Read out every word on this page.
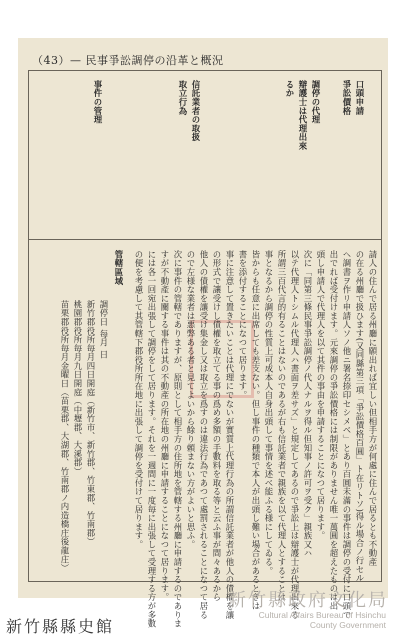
（43）— 民事爭訟調停の沿革と概況
口頭申請
爭訟價格
調停の代理
辯護士は代理出來
るか
信託業者の取扱
取立行為
事件の管理
請人の住んで居る州廳に願出れば宜しい但相手方が何處に住んで居るとも不動產
の在る州廳で扱ひます(又同縣第三項「爭訟價格百圓」ト在リトソ)得ル場合ノ行セル
ヘ調書ヲ作リ申請人ソノ他ニ署名捺印セシメベ」とあり百圓未滿の事件は調停の受付に口頭で
出でれば受付けます。元來調停の爭訟價格には制限がありません唯一萬圓を超えたものは出
頭し申請人で代理人を以て其件の事由を申請することになつて居ります。
次に「同第三條民事爭訟調停ノ代人ナルヲ得ル但知事ノ許可ヲ受ク」親族又ハ
以テ代理人トシムル代理人ハ書面ヲ差サズ」と規定してあるので爭訟上は辯護士が代理出來る
所謂三百代言的有ることはないのであるが右も信託業者で親族を以て代理人とすることは
事となるから調停の性質上可成本人自身出頭して事情を述べ能ふる様にしてゐる。
皆からも任意に出席しても差支ない。但し事件の種類で本人が出頭し難い場合があるときは
書を添付することになつて居ります。
事に注意して置きたいことは代理にでないが實質上代理行為の所謂信託業者が他人の債權を讓
の形式で讓受けし債權を取立てる事の爲め多額の手數料を取る等と云ふ事が間々あるから
他人の債權を讓受け集金し又は取立を爲すのは違法行為であつて處罰されることになつて居る
ので左様な業者は悪弊ある者と見てよいから餘り頼まない方がよいと思ふ。
次に事件の管轄でありますが、原則として相手方の住所地を管轄する州廳に申請するのでありま
すが不動產に關する事件は其の不動產の所在地の州廳に申請することになつて居ります。
には各一回宛出張して調停をして居ります。それを一週間に一度毎に出張して受理する方が多數
の便を考慮して其管轄下郡役所所在地に出張して調停を受付けて居ります。
管轄區域
調停日 每月 日
新竹郡役所毎月四日開庭（新竹市、新竹郡、竹東郡、竹南郡）
桃園郡役所毎月九日開庭（中壢郡、大溪郡）
苗栗郡役所毎月金曜日（苗栗郡、大湖郡、竹南郡ノ内造橋庄後龍庄）
新竹縣政府文化局
Cultural Affairs Bureau of Hsinchu
County Government
新竹縣縣史館
